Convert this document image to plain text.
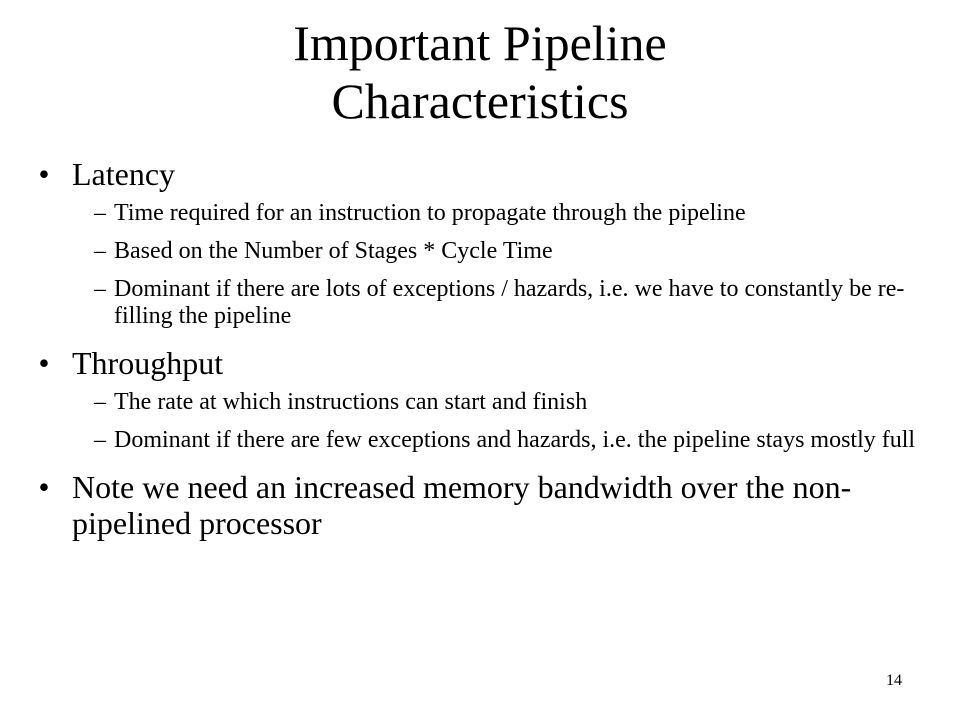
Important Pipeline
Characteristics
• Latency
– Time required for an instruction to propagate through the pipeline
– Based on the Number of Stages * Cycle Time
– Dominant if there are lots of exceptions / hazards, i.e. we have to constantly be re-filling the pipeline
• Throughput
– The rate at which instructions can start and finish
– Dominant if there are few exceptions and hazards, i.e. the pipeline stays mostly full
• Note we need an increased memory bandwidth over the non-pipelined processor
14
